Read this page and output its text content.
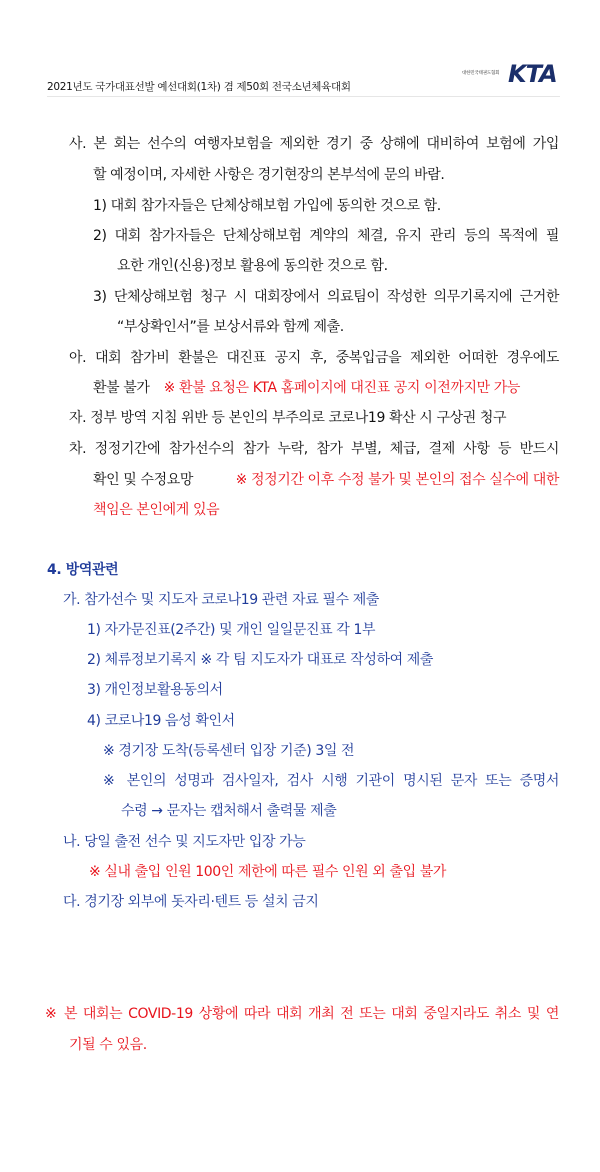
2021년도 국가대표선발 예선대회(1차) 겸 제50회 전국소년체육대회
대한민국태권도협회 KTA
사. 본 회는 선수의 여행자보험을 제외한 경기 중 상해에 대비하여 보험에 가입
할 예정이며, 자세한 사항은 경기현장의 본부석에 문의 바람.
1) 대회 참가자들은 단체상해보험 가입에 동의한 것으로 함.
2) 대회 참가자들은 단체상해보험 계약의 체결, 유지 관리 등의 목적에 필
요한 개인(신용)정보 활용에 동의한 것으로 함.
3) 단체상해보험 청구 시 대회장에서 의료팀이 작성한 의무기록지에 근거한
“부상확인서”를 보상서류와 함께 제출.
아. 대회 참가비 환불은 대진표 공지 후, 중복입금을 제외한 어떠한 경우에도
환불 불가 ※ 환불 요청은 KTA 홈페이지에 대진표 공지 이전까지만 가능
자. 정부 방역 지침 위반 등 본인의 부주의로 코로나19 확산 시 구상권 청구
차. 정정기간에 참가선수의 참가 누락, 참가 부별, 체급, 결제 사항 등 반드시
확인 및 수정요망	※ 정정기간 이후 수정 불가 및 본인의 접수 실수에 대한
책임은 본인에게 있음
4. 방역관련
가. 참가선수 및 지도자 코로나19 관련 자료 필수 제출
1) 자가문진표(2주간) 및 개인 일일문진표 각 1부
2) 체류정보기록지 ※ 각 팀 지도자가 대표로 작성하여 제출
3) 개인정보활용동의서
4) 코로나19 음성 확인서
※ 경기장 도착(등록센터 입장 기준) 3일 전
※ 본인의 성명과 검사일자, 검사 시행 기관이 명시된 문자 또는 증명서
수령 → 문자는 캡처해서 출력물 제출
나. 당일 출전 선수 및 지도자만 입장 가능
※ 실내 출입 인원 100인 제한에 따른 필수 인원 외 출입 불가
다. 경기장 외부에 돗자리·텐트 등 설치 금지
※ 본 대회는 COVID-19 상황에 따라 대회 개최 전 또는 대회 중일지라도 취소 및 연
기될 수 있음.
